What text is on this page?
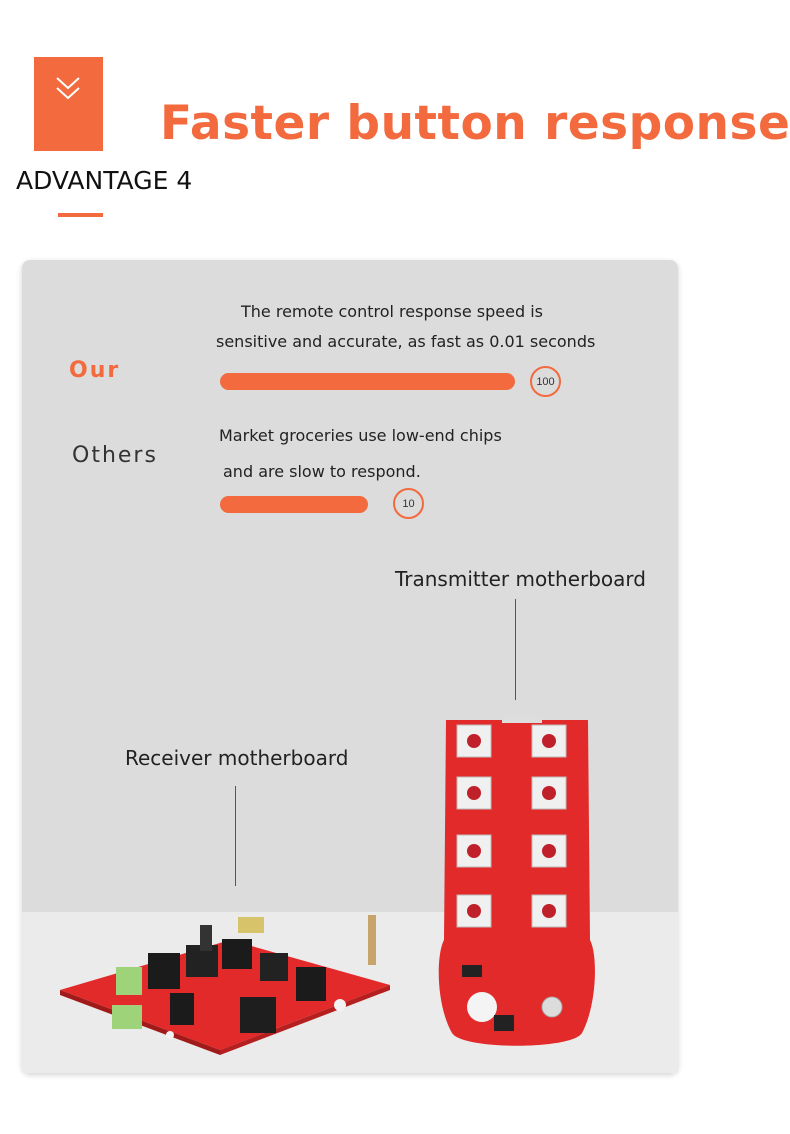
Faster button response
ADVANTAGE 4
The remote control response speed is
sensitive and accurate, as fast as 0.01 seconds
Our	100
Market groceries use low-end chips
Others
and are slow to respond.
10
Transmitter motherboard
Receiver motherboard
